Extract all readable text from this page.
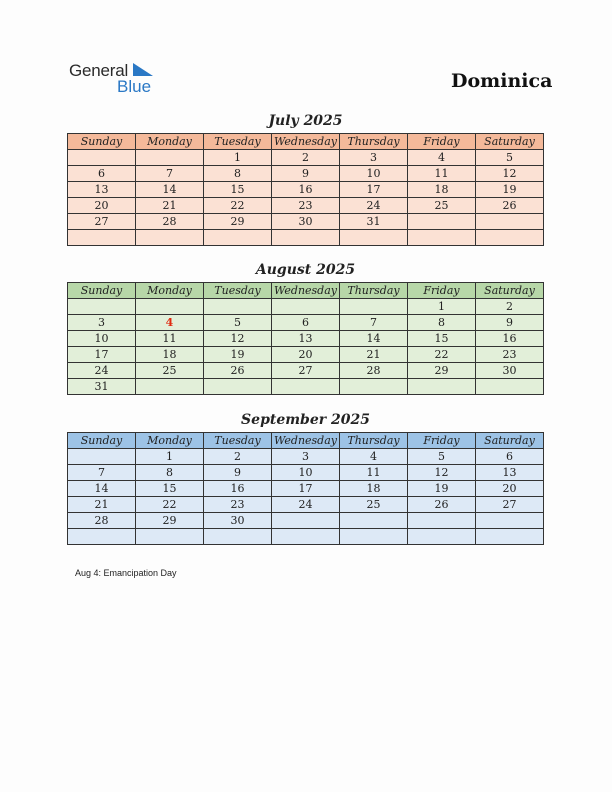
General
Blue	Dominica
July 2025
Sunday	Monday	Tuesday	Wednesday	Thursday	Friday	Saturday
		1	2	3	4	5
6	7	8	9	10	11	12
13	14	15	16	17	18	19
20	21	22	23	24	25	26
27	28	29	30	31		

August 2025
Sunday	Monday	Tuesday	Wednesday	Thursday	Friday	Saturday
					1	2
3	4	5	6	7	8	9
10	11	12	13	14	15	16
17	18	19	20	21	22	23
24	25	26	27	28	29	30
31						
September 2025
Sunday	Monday	Tuesday	Wednesday	Thursday	Friday	Saturday
	1	2	3	4	5	6
7	8	9	10	11	12	13
14	15	16	17	18	19	20
21	22	23	24	25	26	27
28	29	30				

Aug 4: Emancipation Day
